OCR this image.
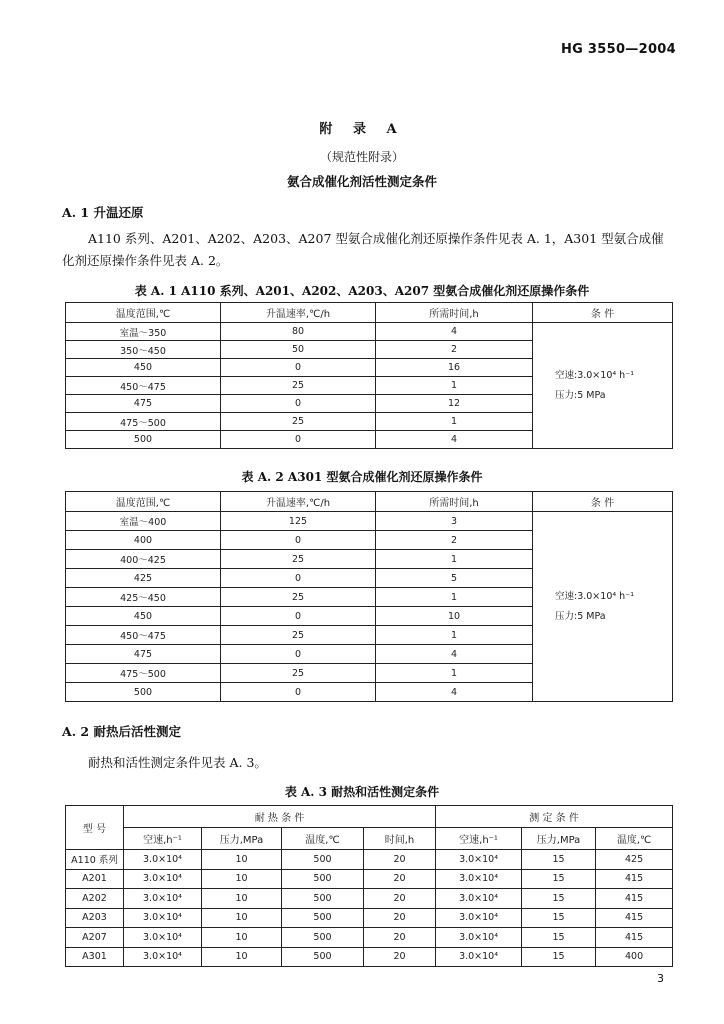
HG 3550—2004
附 录 A
（规范性附录）
氨合成催化剂活性测定条件
A. 1 升温还原
A110 系列、A201、A202、A203、A207 型氨合成催化剂还原操作条件见表 A. 1，A301 型氨合成催化剂还原操作条件见表 A. 2。
表 A. 1 A110 系列、A201、A202、A203、A207 型氨合成催化剂还原操作条件
温度范围,℃	升温速率,℃/h	所需时间,h	条 件
室温～350	80	4	空速:3.0×10⁴ h⁻¹
压力:5 MPa

350～450	50	2	
450	0	16	
450～475	25	1	
475	0	12	
475～500	25	1	
500	0	4	
表 A. 2 A301 型氨合成催化剂还原操作条件
温度范围,℃	升温速率,℃/h	所需时间,h	条 件
室温～400	125	3	空速:3.0×10⁴ h⁻¹
压力:5 MPa

400	0	2	
400～425	25	1	
425	0	5	
425～450	25	1	
450	0	10	
450～475	25	1	
475	0	4	
475～500	25	1	
500	0	4	
A. 2 耐热后活性测定
耐热和活性测定条件见表 A. 3。
表 A. 3 耐热和活性测定条件
型 号	耐 热 条 件				测 定 条 件		
	空速,h⁻¹	压力,MPa	温度,℃	时间,h	空速,h⁻¹	压力,MPa	温度,℃
A110 系列	3.0×10⁴	10	500	20	3.0×10⁴	15	425
A201	3.0×10⁴	10	500	20	3.0×10⁴	15	415
A202	3.0×10⁴	10	500	20	3.0×10⁴	15	415
A203	3.0×10⁴	10	500	20	3.0×10⁴	15	415
A207	3.0×10⁴	10	500	20	3.0×10⁴	15	415
A301	3.0×10⁴	10	500	20	3.0×10⁴	15	400
3
